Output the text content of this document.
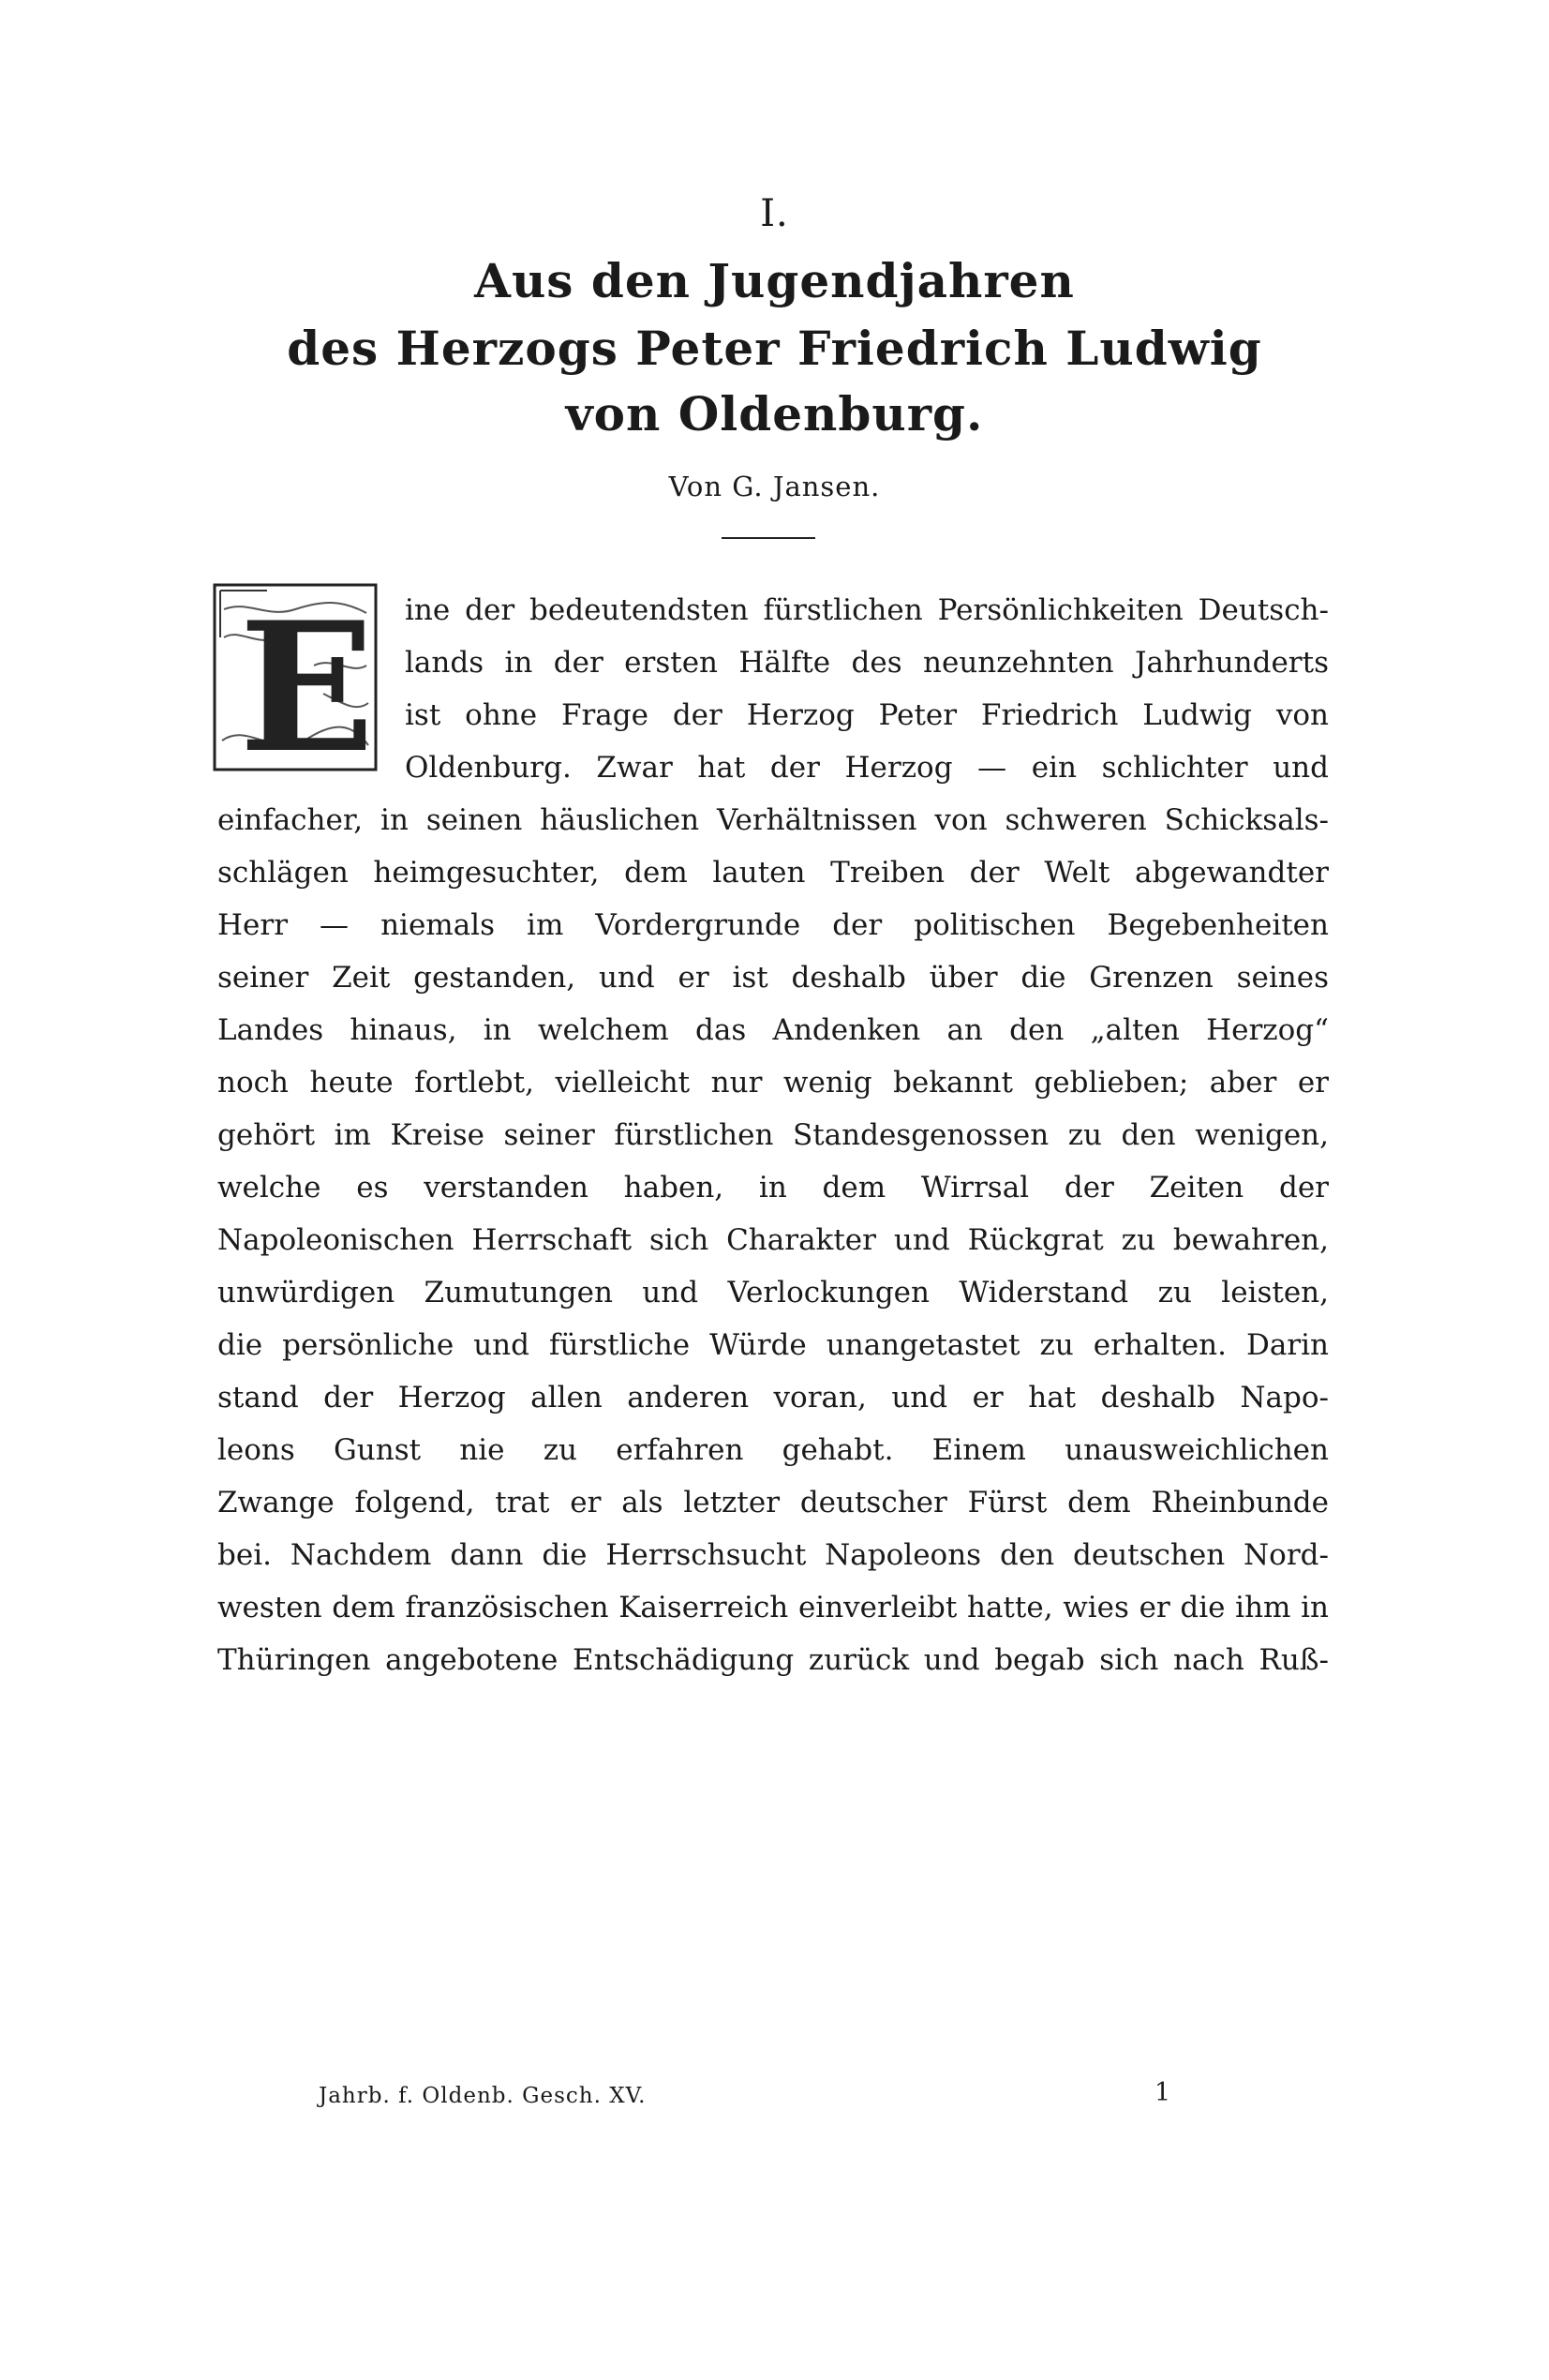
I.
Aus den Jugendjahren
des Herzogs Peter Friedrich Ludwig
von Oldenburg.
Von G. Jansen.
E ine der bedeutendsten fürstlichen Persönlichkeiten Deutsch-
lands in der ersten Hälfte des neunzehnten Jahrhunderts
ist ohne Frage der Herzog Peter Friedrich Ludwig von
Oldenburg. Zwar hat der Herzog — ein schlichter und
einfacher, in seinen häuslichen Verhältnissen von schweren Schicksals-
schlägen heimgesuchter, dem lauten Treiben der Welt abgewandter
Herr — niemals im Vordergrunde der politischen Begebenheiten
seiner Zeit gestanden, und er ist deshalb über die Grenzen seines
Landes hinaus, in welchem das Andenken an den „alten Herzog“
noch heute fortlebt, vielleicht nur wenig bekannt geblieben; aber er
gehört im Kreise seiner fürstlichen Standesgenossen zu den wenigen,
welche es verstanden haben, in dem Wirrsal der Zeiten der
Napoleonischen Herrschaft sich Charakter und Rückgrat zu bewahren,
unwürdigen Zumutungen und Verlockungen Widerstand zu leisten,
die persönliche und fürstliche Würde unangetastet zu erhalten. Darin
stand der Herzog allen anderen voran, und er hat deshalb Napo-
leons Gunst nie zu erfahren gehabt. Einem unausweichlichen
Zwange folgend, trat er als letzter deutscher Fürst dem Rheinbunde
bei. Nachdem dann die Herrschsucht Napoleons den deutschen Nord-
westen dem französischen Kaiserreich einverleibt hatte, wies er die ihm in
Thüringen angebotene Entschädigung zurück und begab sich nach Ruß-
Jahrb. f. Oldenb. Gesch. XV.	1
